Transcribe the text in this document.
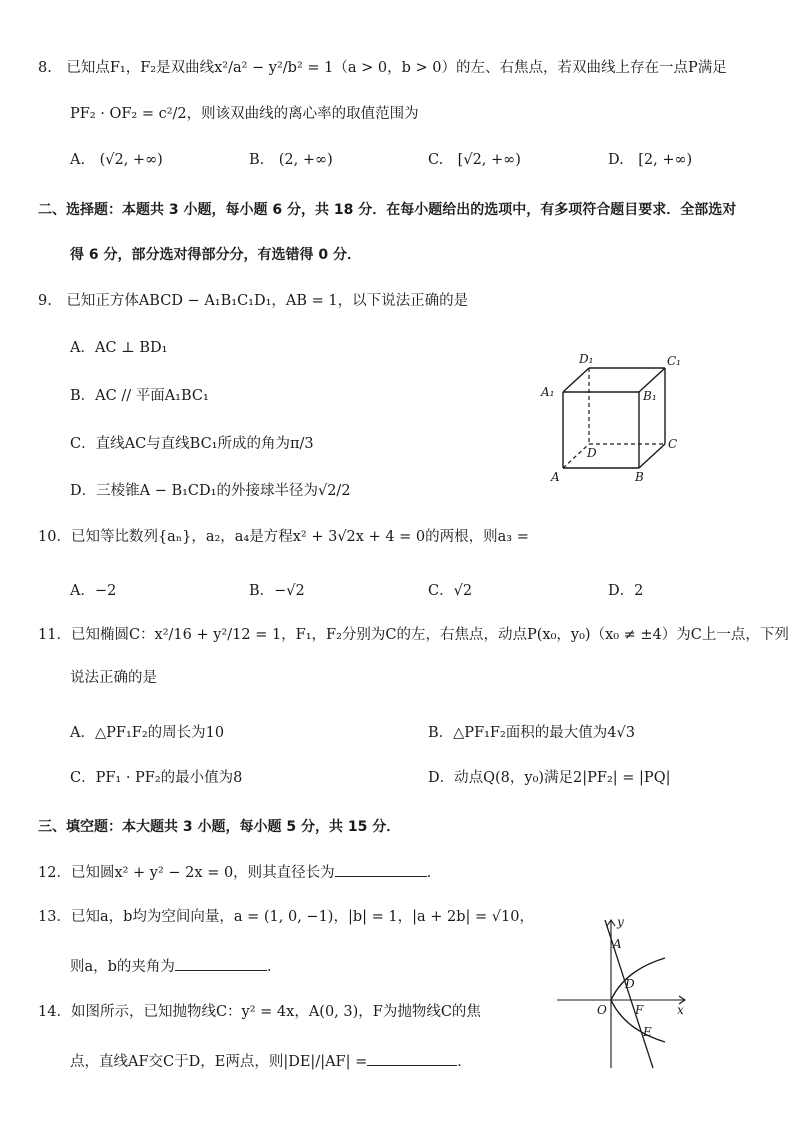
8.　已知点F₁，F₂是双曲线x²/a² − y²/b² = 1（a > 0，b > 0）的左、右焦点，若双曲线上存在一点P满足
PF₂ · OF₂ = c²/2，则该双曲线的离心率的取值范围为
A.　(√2, +∞)	B.　(2, +∞)	C.　[√2, +∞)	D.　[2, +∞)
二、选择题：本题共 3 小题，每小题 6 分，共 18 分．在每小题给出的选项中，有多项符合题目要求．全部选对
得 6 分，部分选对得部分分，有选错得 0 分．
9.　已知正方体ABCD − A₁B₁C₁D₁，AB = 1，以下说法正确的是
A．AC ⊥ BD₁
B．AC // 平面A₁BC₁
C．直线AC与直线BC₁所成的角为π/3
D．三棱锥A − B₁CD₁的外接球半径为√2/2
D₁	C₁
A₁	B₁
D
C
A	B
10．已知等比数列{aₙ}，a₂，a₄是方程x² + 3√2x + 4 = 0的两根，则a₃ =
A．−2	B．−√2	C．√2	D．2
11．已知椭圆C：x²/16 + y²/12 = 1，F₁，F₂分别为C的左，右焦点，动点P(x₀，y₀)（x₀ ≠ ±4）为C上一点，下列
说法正确的是
A．△PF₁F₂的周长为10	B．△PF₁F₂面积的最大值为4√3
C．PF₁ · PF₂的最小值为8	D．动点Q(8，y₀)满足2|PF₂| = |PQ|
三、填空题：本大题共 3 小题，每小题 5 分，共 15 分．
12．已知圆x² + y² − 2x = 0，则其直径长为	．
13．已知a，b均为空间向量，a = (1, 0, −1)，|b| = 1，|a + 2b| = √10，
则a，b的夹角为	．
14．如图所示，已知抛物线C：y² = 4x，A(0, 3)，F为抛物线C的焦
点，直线AF交C于D，E两点，则|DE|/|AF| =	．
y
A
D
O F	x
E
